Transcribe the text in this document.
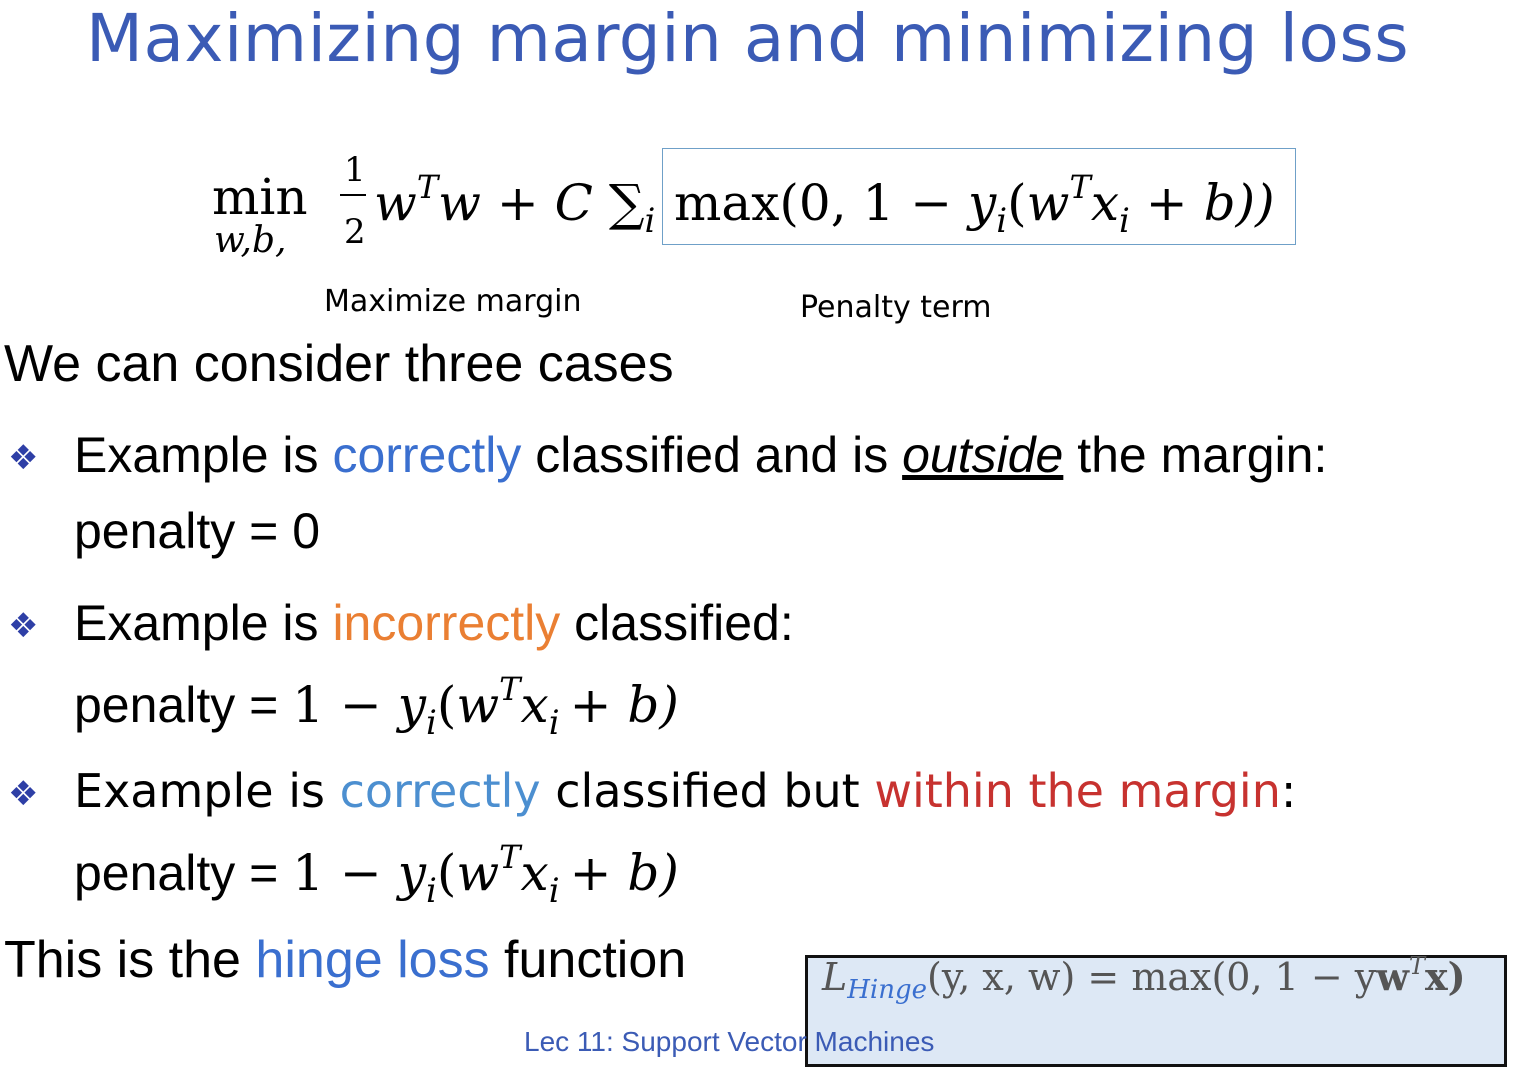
Maximizing margin and minimizing loss
min
w,b,
1
2 $w^Tw + C$ $\sum_i$ max(0, $1 - y_i(w^Tx_i + b)$)
Maximize margin	Penalty term
We can consider three cases
❖ Example is correctly classified and is outside the margin:
penalty = 0
❖ Example is incorrectly classified:
penalty = $1 - y_i(w^Tx_i + b)$
❖ Example is correctly classified but within the margin:
penalty = $1 - y_i(w^Tx_i + b)$
This is the hinge loss function	$L_{Hinge}(y$, x, w) = max(0, $1 - yw^Tx$)
Lec 11: Support Vector Machines
